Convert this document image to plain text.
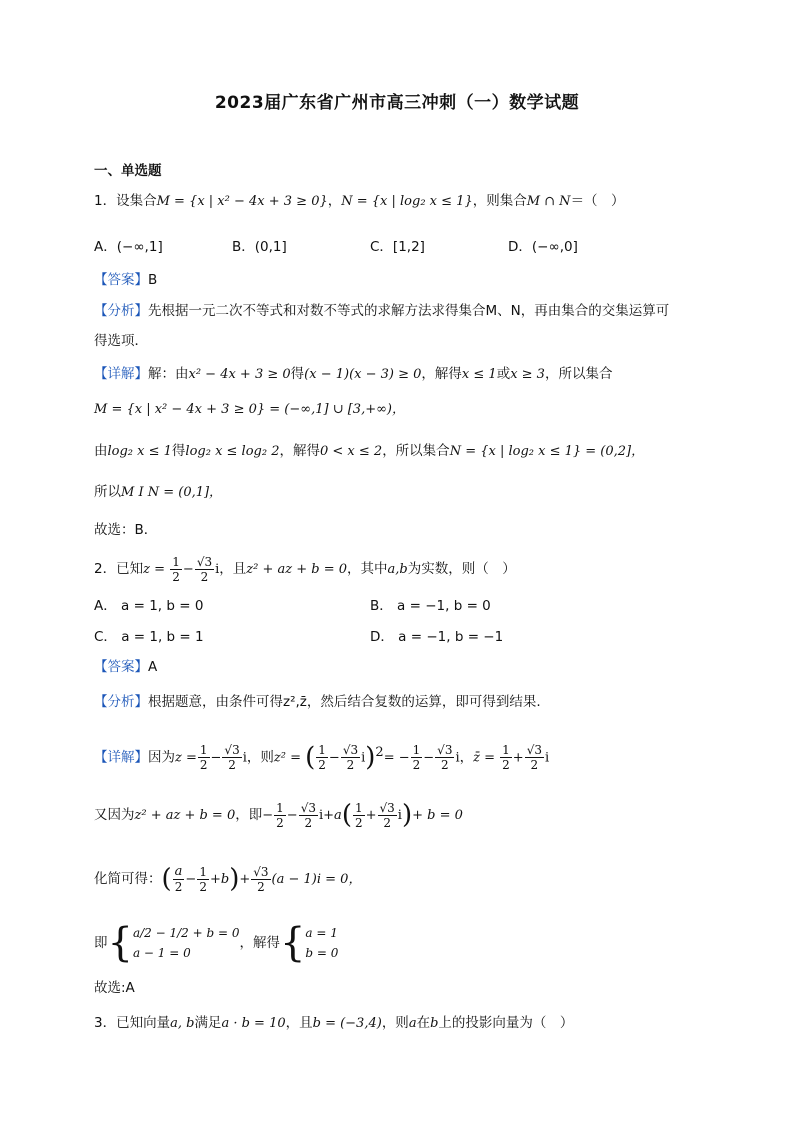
2023届广东省广州市高三冲刺（一）数学试题
一、单选题
1．设集合M = {x | x² − 4x + 3 ≥ 0}，N = {x | log₂ x ≤ 1}，则集合M ∩ N＝（　）
A．(−∞,1]	B．(0,1]	C．[1,2]	D．(−∞,0]
【答案】B
【分析】先根据一元二次不等式和对数不等式的求解方法求得集合M、N，再由集合的交集运算可
得选项．
【详解】解：由x² − 4x + 3 ≥ 0得(x − 1)(x − 3) ≥ 0，解得x ≤ 1或x ≥ 3，所以集合
M = {x | x² − 4x + 3 ≥ 0} = (−∞,1] ∪ [3,+∞)，
由log₂ x ≤ 1得log₂ x ≤ log₂ 2，解得0 < x ≤ 2，所以集合N = {x | log₂ x ≤ 1} = (0,2]，
所以M I N = (0,1]，
故选：B．
2．已知$z = \frac{1}{2} - \frac{√3}{2}$ i，且z² + az + b = 0，其中a,b为实数，则（　）
A． a = 1, b = 0	B． a = −1, b = 0
C． a = 1, b = 1	D． a = −1, b = −1
【答案】A
【分析】根据题意，由条件可得z²,z̄，然后结合复数的运算，即可得到结果.
【详解】因为$z = \frac{1}{2} - \frac{√3}{2}$ i，则z² = ( $\frac{1}{2} - \frac{√3}{2} i)^2= - \frac{1}{2} - \frac{√3}{2}$ i，z̄ = $\frac{1}{2} + \frac{√3}{2}$ i
又因为z² + az + b = 0，即− $\frac{1}{2} - \frac{√3}{2} i+a( \frac{1}{2} + \frac{√3}{2} i)+ b = 0$
化简可得：( $\frac{a}{2} - \frac{1}{2} +b)+ \frac{√3}{2} (a - 1)i = 0$，
即{ a/2 − 1/2 + b = 0
a − 1 = 0
，解得{ a = 1
b = 0
故选:A
3．已知向量a, b满足a · b = 10，且b = (−3,4)，则a在b上的投影向量为（　）
